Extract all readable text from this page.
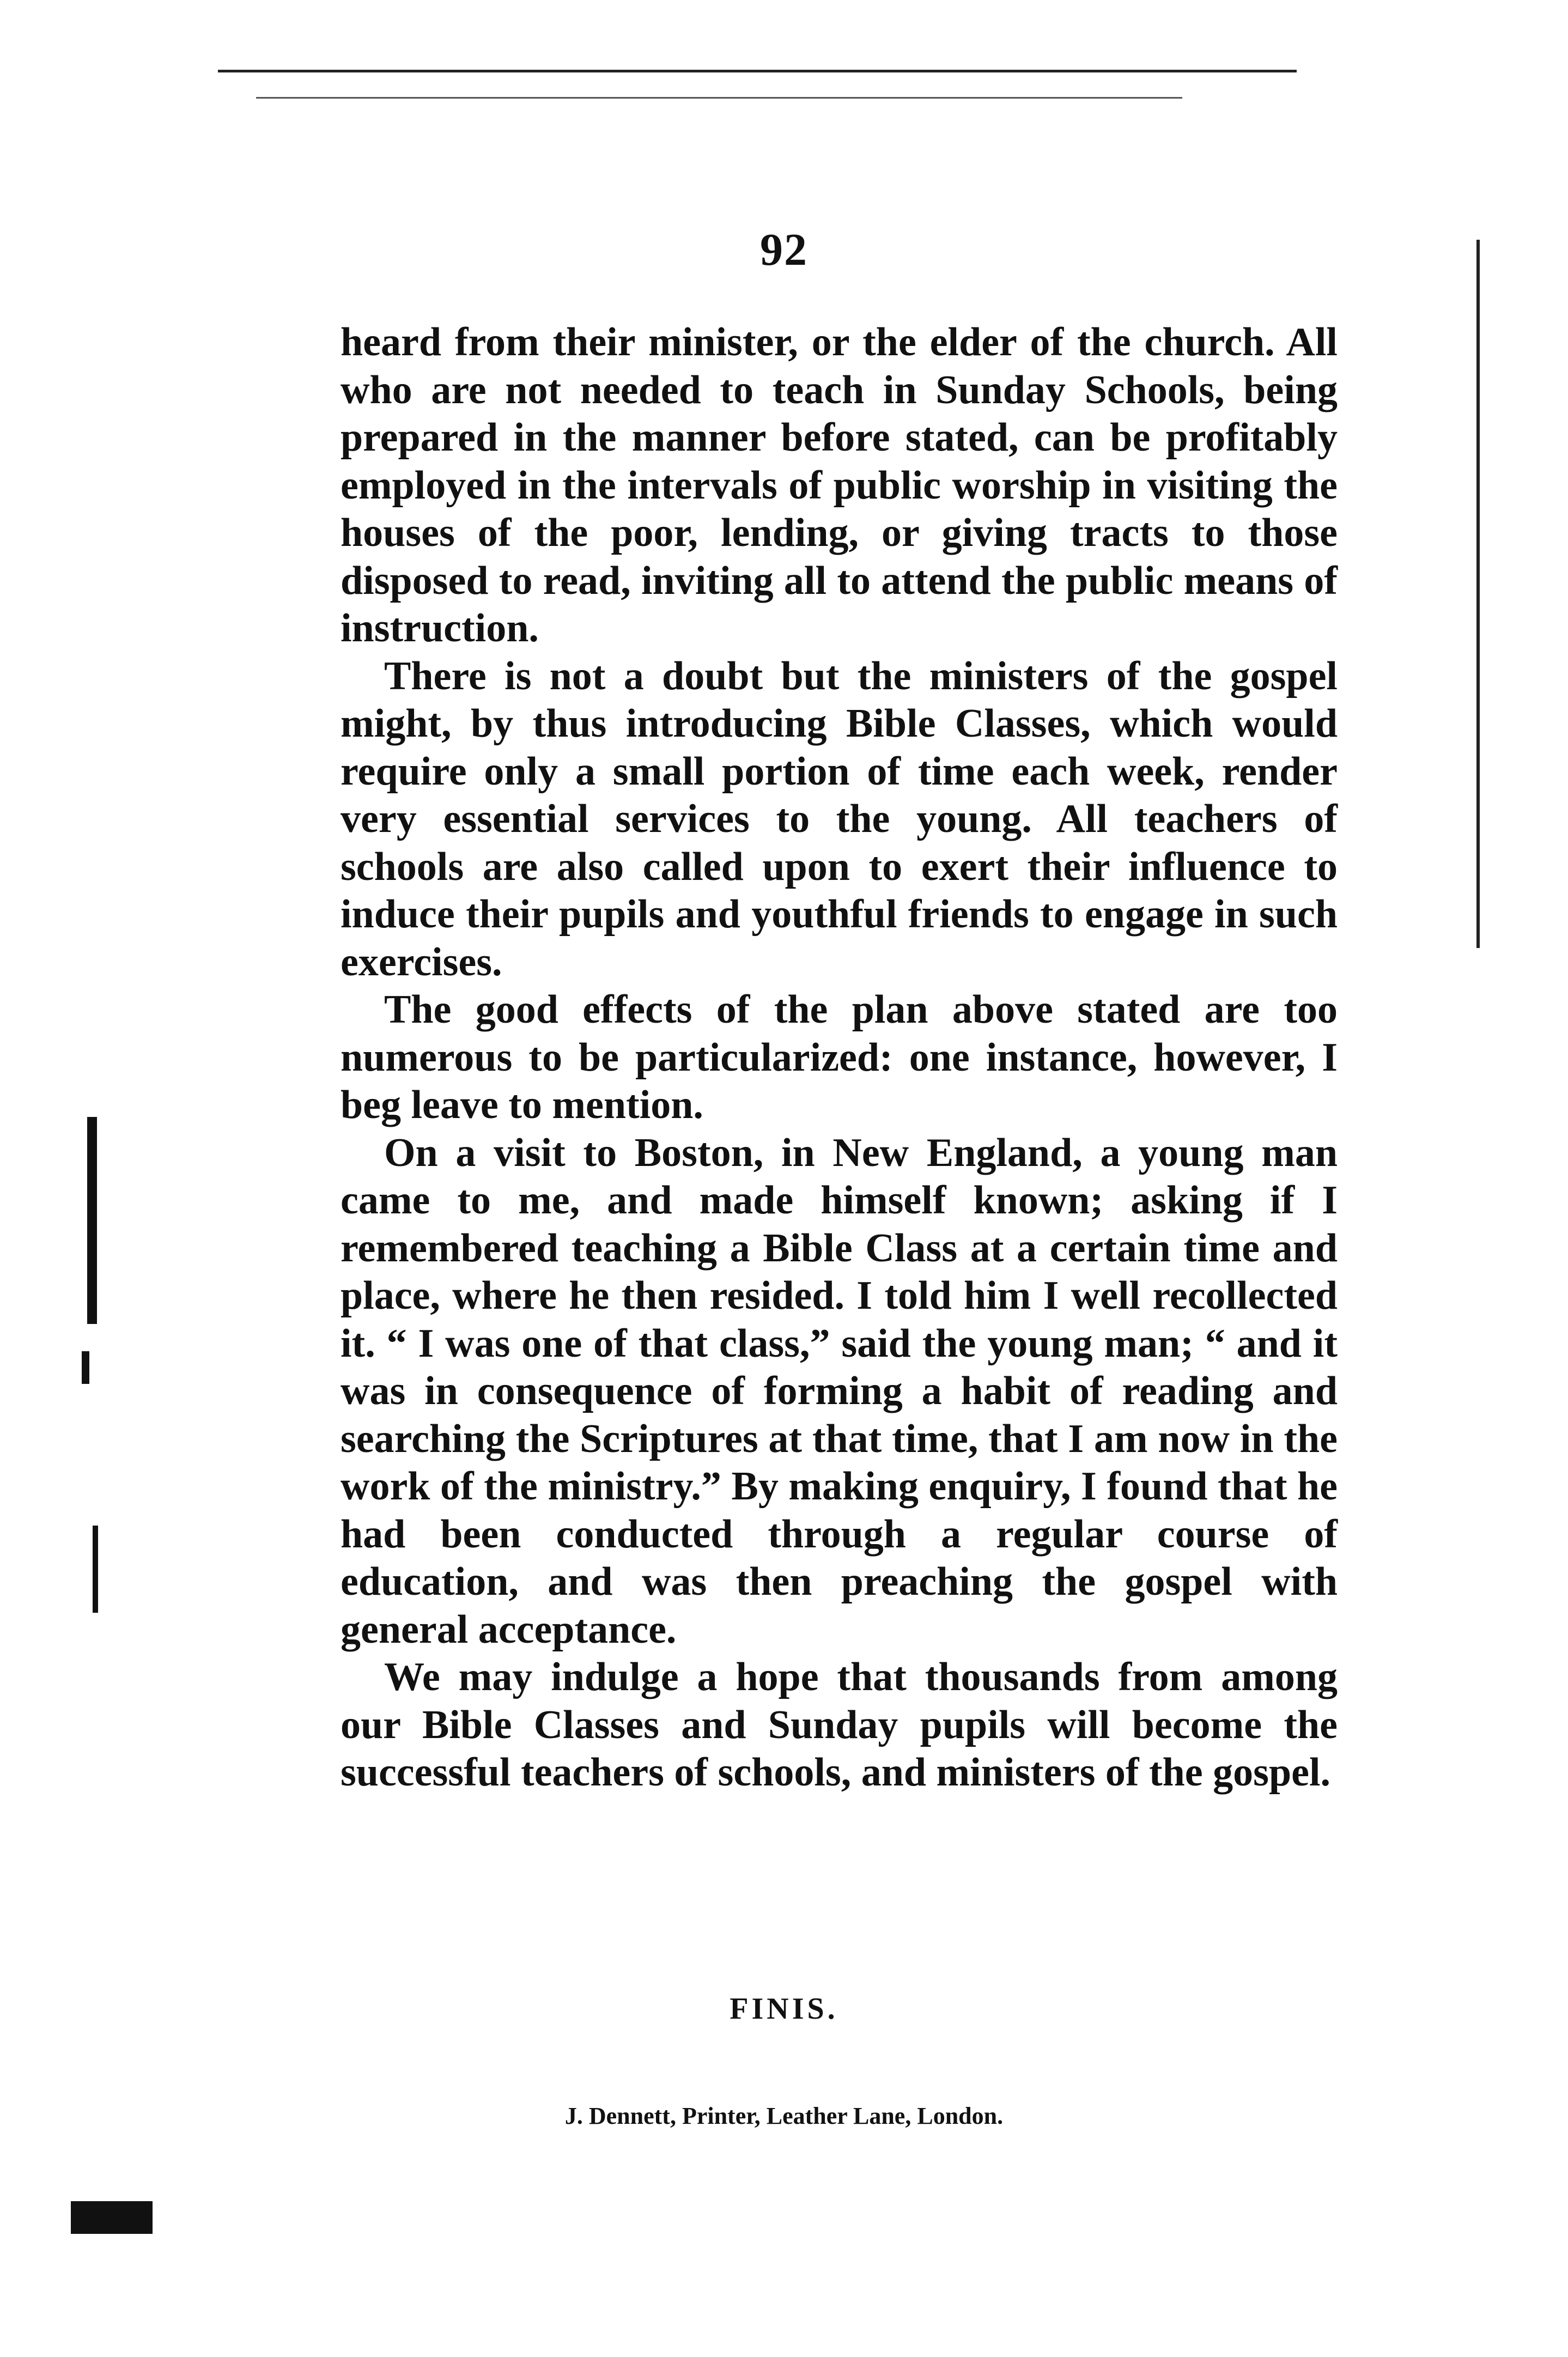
92

heard from their minister, or the elder of the church. All who are not needed to teach in Sunday Schools, being prepared in the manner before stated, can be profitably employed in the intervals of public worship in visiting the houses of the poor, lending, or giving tracts to those disposed to read, inviting all to attend the public means of instruction.

There is not a doubt but the ministers of the gospel might, by thus introducing Bible Classes, which would require only a small portion of time each week, render very essential services to the young. All teachers of schools are also called upon to exert their influence to induce their pupils and youthful friends to engage in such exercises.

The good effects of the plan above stated are too numerous to be particularized: one instance, however, I beg leave to mention.

On a visit to Boston, in New England, a young man came to me, and made himself known; asking if I remembered teaching a Bible Class at a certain time and place, where he then resided. I told him I well recollected it. “ I was one of that class,” said the young man; “ and it was in consequence of forming a habit of reading and searching the Scriptures at that time, that I am now in the work of the ministry.” By making enquiry, I found that he had been conducted through a regular course of education, and was then preaching the gospel with general acceptance.

We may indulge a hope that thousands from among our Bible Classes and Sunday pupils will become the successful teachers of schools, and ministers of the gospel.

FINIS.
J. Dennett, Printer, Leather Lane, London.
